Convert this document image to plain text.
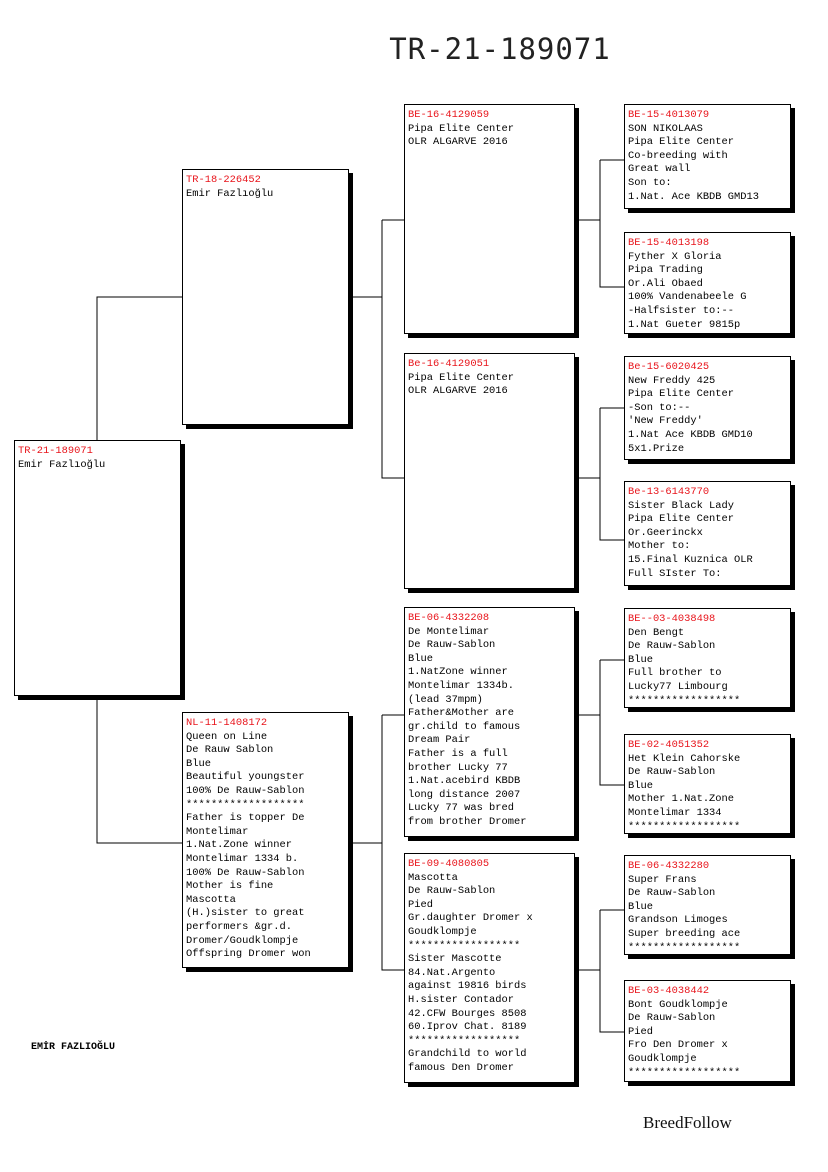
TR-21-189071
TR-21-189071
Emir Fazlıoğlu
TR-18-226452
Emir Fazlıoğlu
NL-11-1408172
Queen on Line
De Rauw Sablon
Blue
Beautiful youngster
100% De Rauw-Sablon
*******************
Father is topper De
Montelimar
1.Nat.Zone winner
Montelimar 1334 b.
100% De Rauw-Sablon
Mother is fine
Mascotta
(H.)sister to great
performers &gr.d.
Dromer/Goudklompje
Offspring Dromer won
BE-16-4129059
Pipa Elite Center
OLR ALGARVE 2016
Be-16-4129051
Pipa Elite Center
OLR ALGARVE 2016
BE-06-4332208
De Montelimar
De Rauw-Sablon
Blue
1.NatZone winner
Montelimar 1334b.
(lead 37mpm)
Father&Mother are
gr.child to famous
Dream Pair
Father is a full
brother Lucky 77
1.Nat.acebird KBDB
long distance 2007
Lucky 77 was bred
from brother Dromer
BE-09-4080805
Mascotta
De Rauw-Sablon
Pied
Gr.daughter Dromer x
Goudklompje
******************
Sister Mascotte
84.Nat.Argento
against 19816 birds
H.sister Contador
42.CFW Bourges 8508
60.Iprov Chat. 8189
******************
Grandchild to world
famous Den Dromer
BE-15-4013079
SON NIKOLAAS
Pipa Elite Center
Co-breeding with
Great wall
Son to:
1.Nat. Ace KBDB GMD13
BE-15-4013198
Fyther X Gloria
Pipa Trading
Or.Ali Obaed
100% Vandenabeele G
-Halfsister to:--
1.Nat Gueter 9815p
Be-15-6020425
New Freddy 425
Pipa Elite Center
-Son to:--
'New Freddy'
1.Nat Ace KBDB GMD10
5x1.Prize
Be-13-6143770
Sister Black Lady
Pipa Elite Center
Or.Geerinckx
Mother to:
15.Final Kuznica OLR
Full SIster To:
BE--03-4038498
Den Bengt
De Rauw-Sablon
Blue
Full brother to
Lucky77 Limbourg
******************
BE-02-4051352
Het Klein Cahorske
De Rauw-Sablon
Blue
Mother 1.Nat.Zone
Montelimar 1334
******************
BE-06-4332280
Super Frans
De Rauw-Sablon
Blue
Grandson Limoges
Super breeding ace
******************
BE-03-4038442
Bont Goudklompje
De Rauw-Sablon
Pied
Fro Den Dromer x
Goudklompje
******************
EMİR FAZLIOĞLU
BreedFollow
